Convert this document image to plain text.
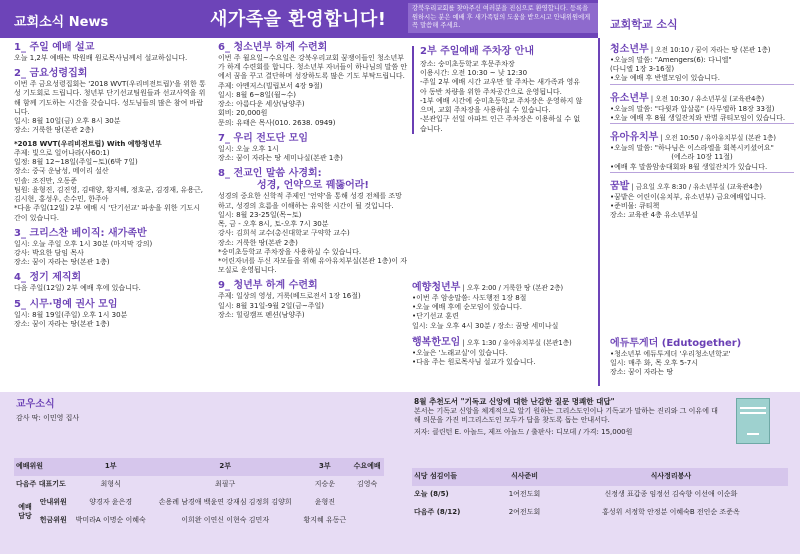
교회소식 News	새가족을 환영합니다!
강북우리교회를 찾아주신 여러분을 진심으로 환영합니다. 등록을 원하시는 분은 예배 후 새가족팀의 도움을 받으시고 안내위원에게 꼭 말씀해 주세요.	교회학교 소식
1_ 주일 예배 설교

오늘 1,2부 예배는 박원배 원로목사님께서 설교하십니다.

2_ 금요성령집회

이번 주 금요성령집회는 '2018 WVT(우리비전트립)'을 위한 통성 기도회로 드립니다. 청년부 단기선교팀원들과 선교사역을 위해 함께 기도하는 시간을 갖습니다. 성도님들의 많은 참여 바랍니다.

일시: 8월 10일(금) 오후 8시 30분

장소: 거룩한 땅(본관 2층)

*2018 WVT(우리비전트립) With 예향청년부

주제: 빛으로 일어나라(사60:1)

일정: 8월 12~18일(주일~토)(6박 7일)

장소: 중국 운남성, 메이리 설산

인솔: 조진만, 오동준

팀원: 윤형진, 김진영, 김태양, 황지혜, 정호균, 김경재, 유용근, 김시현, 홍성우, 손수민, 한주아

*다음 주일(12일) 2부 예배 시 '단기선교' 파송을 위한 기도시간이 있습니다.

3_ 크리스찬 베이직: 새가족반

일시: 오늘 주일 오후 1시 30분 (마지막 강의)

강사: 박요한 담임 목사

장소: 꿈이 자라는 땅(본관 1층)

4_ 정기 제직회

다음 주일(12일) 2부 예배 후에 있습니다.

5_ 시무·명예 권사 모임

일시: 8월 19일(주일) 오후 1시 30분

장소: 꿈이 자라는 땅(본관 1층)

6_ 청소년부 하계 수련회

이번 주 월요일~수요일은 강북우리교회 꿈쟁이들인 청소년부가 하계 수련회를 합니다. 청소년부 자녀들이 하나님의 말씀 안에서 꿈을 꾸고 결단하며 성장하도록 많은 기도 부탁드립니다.

주제: 아멘저스(빌립보서 4장 9절)

일시: 8월 6~8일(월~수)

장소: 아름다운 세상(남양주)

회비: 20,000원

문의: 유태은 목사(010. 2638. 0949)

7_ 우리 전도단 모임

일시: 오늘 오후 1시

장소: 꿈이 자라는 땅 세미나실(본관 1층)

8_ 전교인 말씀 사경회:
성경, 언약으로 꿰뚫어라!

성경의 중요한 신학적 주제인 '언약'을 통해 성경 전체를 조망하고, 성경의 흐름을 이해하는 유익한 시간이 될 것입니다.

일시: 8월 23-25일(목~토)

목, 금 - 오후 8시, 토-오후 7시 30분

강사: 김희석 교수(총신대학교 구약학 교수)

장소: 거룩한 땅(본관 2층)

*숭미초등학교 주차장을 사용하실 수 있습니다.

*어린자녀를 두신 자모들을 위해 유아유치부실(본관 1층)이 자모실로 운영됩니다.

9_ 청년부 하계 수련회

주제: 일상의 영성, 거룩(베드로전서 1장 16절)

일시: 8월 31일-9월 2일(금~주일)

장소: 힐링캠프 펜션(남양주)

2부 주일예배 주차장 안내

장소: 숭미초등학교 후문주차장

이용시간: 오전 10:30 ~ 낮 12:30

-주일 2부 예배 시간 교우만 할 주차는 새가족과 영유아 동반 차량을 위한 주차공간으로 운영됩니다.

-1부 예배 시간에 숭미초등학교 주차장은 운영하지 않으며, 교회 주차장을 사용하실 수 있습니다.

-본관입구 선일 아파트 인근 주차장은 이용하실 수 없습니다.

예향청년부 | 오후 2:00 / 거룩한 땅 (본관 2층)

•이번 주 암송말씀: 사도행전 1장 8절

•오늘 예배 후에 순모임이 있습니다.

•단기선교 훈련

일시: 오늘 오후 4시 30분 / 장소: 꿈땅 세미나실

행복한모임 | 오후 1:30 / 유아유치부실 (본관1층)

•오늘은 '노래교실'이 있습니다.

•다음 주는 원로목사님 설교가 있습니다.

청소년부 | 오전 10:10 / 꿈이 자라는 땅 (본관 1층)

•오늘의 말씀: "Amengers(6): 다니엘"

(다니엘 1장 3-16절)

•오늘 예배 후 반별모임이 있습니다.

유소년부 | 오전 10:30 / 유소년부실 (교육관4층)

•오늘의 말씀: "다윗과 압살롬" (사무엘하 18장 33절)

•오늘 예배 후 8월 생일잔치와 반별 큐티모임이 있습니다.

유아유치부 | 오전 10:50 / 유아유치부실 (본관 1층)

•오늘의 말씀: "하나님은 이스라엘을 회복시키셨어요"

(에스라 10장 11절)

•예배 후 말씀암송대회와 8월 생일잔치가 있습니다.

꿈밭 | 금요일 오후 8:30 / 유소년부실 (교육관4층)

•꿈밭은 어린이(유치부, 유소년부) 금요예배입니다.

•준비물: 큐티책

장소: 교육관 4층 유소년부실

에듀투게더 (Edutogether)

•청소년부 에듀투게더 '우리청소년학교'

일시: 매주 화, 목 오후 5-7시

장소: 꿈이 자라는 땅

교우소식
감사 딱: 이민영 집사

8월 추천도서 "기독교 신앙에 대한 난감한 질문 명쾌한 대답"

본서는 기독교 신앙을 체계적으로 알기 원하는 그리스도인이나 기독교가 말하는 진리와 그 이유에 대해 의문을 가진 비그리스도인 모두가 답을 찾도록 돕는 안내서다.

저자: 클린턴 E. 아놀드, 제프 아놀드 / 출판사: 디모데 / 가격: 15,000원

예배위원		1부	2부	3부	수요예배
다음주 대표기도		최형식	최필구	지승운	김영숙
예배 담당	안내위원	양경자 윤은경	손용례 남경애 백윤연 강재심 김정희 김양희	윤형진	
	헌금위원	박미라A 이명순 이혜숙	이희완 이연신 이현숙 김민자	황지혜 유동근	
식당 섬김이들	식사준비	식사정리봉사
오늘 (8/5)	1여전도회	신정생 표갑종 임정선 김숙향 이선애 이순화
다음주 (8/12)	2여전도회	홍성위 서정학 안정분 이혜숙B 전인순 조준옥
